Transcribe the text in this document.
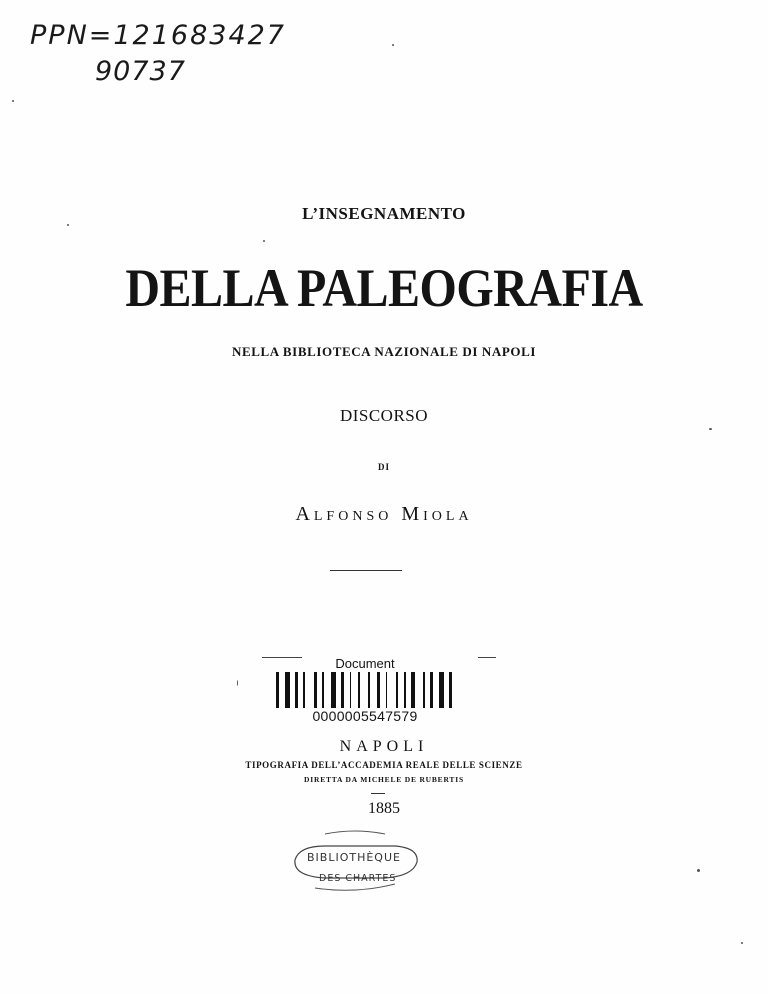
PPN=121683427
90737
L’INSEGNAMENTO
DELLA PALEOGRAFIA
NELLA BIBLIOTECA NAZIONALE DI NAPOLI
DISCORSO
DI
Alfonso Miola
Document
0000005547579
NAPOLI
TIPOGRAFIA DELL’ACCADEMIA REALE DELLE SCIENZE
DIRETTA DA MICHELE DE RUBERTIS
1885
BIBLIOTHÈQUE
DES CHARTES
